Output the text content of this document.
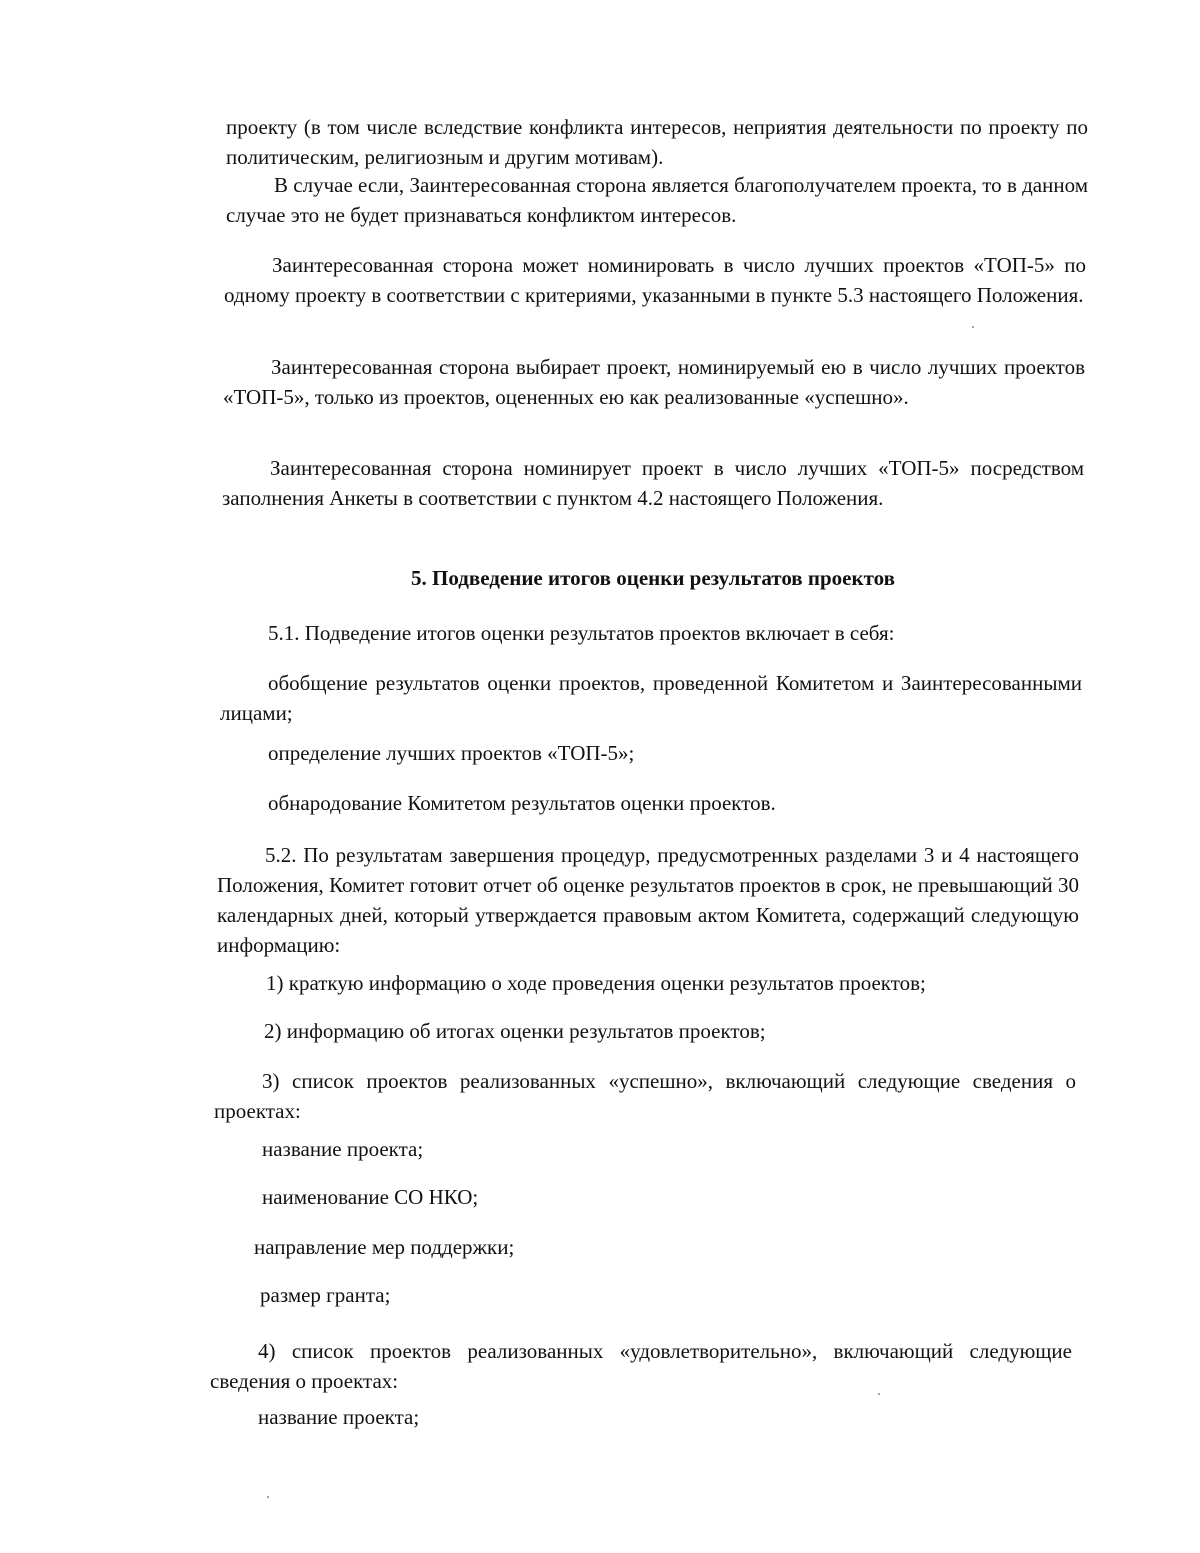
проекту (в том числе вследствие конфликта интересов, неприятия деятельности по проекту по политическим, религиозным и другим мотивам).

В случае если, Заинтересованная сторона является благополучателем проекта, то в данном случае это не будет признаваться конфликтом интересов.

Заинтересованная сторона может номинировать в число лучших проектов «ТОП-5» по одному проекту в соответствии с критериями, указанными в пункте 5.3 настоящего Положения.

Заинтересованная сторона выбирает проект, номинируемый ею в число лучших проектов «ТОП-5», только из проектов, оцененных ею как реализованные «успешно».

Заинтересованная сторона номинирует проект в число лучших «ТОП-5» посредством заполнения Анкеты в соответствии с пунктом 4.2 настоящего Положения.

5. Подведение итогов оценки результатов проектов

5.1. Подведение итогов оценки результатов проектов включает в себя:

обобщение результатов оценки проектов, проведенной Комитетом и Заинтересованными лицами;

определение лучших проектов «ТОП-5»;

обнародование Комитетом результатов оценки проектов.

5.2. По результатам завершения процедур, предусмотренных разделами 3 и 4 настоящего Положения, Комитет готовит отчет об оценке результатов проектов в срок, не превышающий 30 календарных дней, который утверждается правовым актом Комитета, содержащий следующую информацию:

1) краткую информацию о ходе проведения оценки результатов проектов;

2) информацию об итогах оценки результатов проектов;

3) список проектов реализованных «успешно», включающий следующие сведения о проектах:

название проекта;

наименование СО НКО;

направление мер поддержки;

размер гранта;

4) список проектов реализованных «удовлетворительно», включающий следующие сведения о проектах:

название проекта;
